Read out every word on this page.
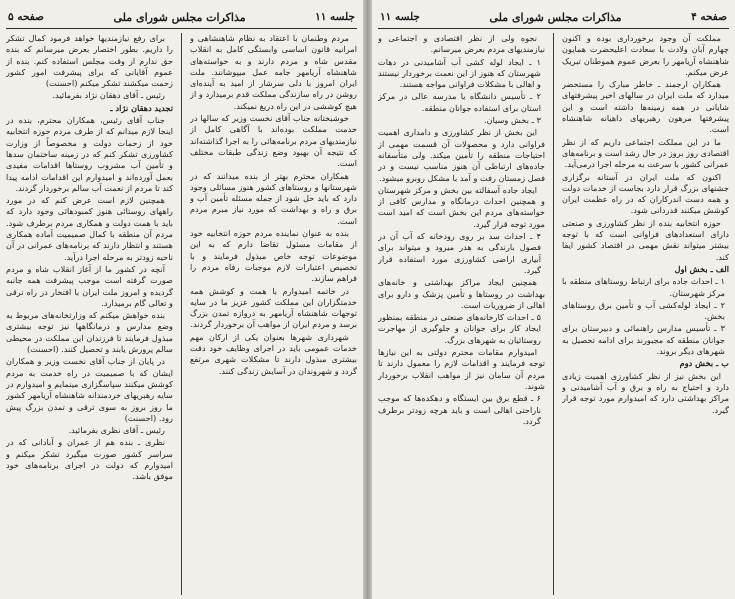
جلسه ۱۱
مذاکرات مجلس شورای ملی
صفحه ۵

مردم وطنمان با اعتقاد به نظام شاهنشاهی و امرانیه قانون اساسی وابستگی کامل به انقلاب مقدس شاه و مردم دارند و به خواسته‌های شاهنشاه آریامهر جامه عمل میپوشانند. ملت ایران امروز با دلی سرشار از امید به آینده‌ای روشن در راه سازندگی مملکت قدم برمیدارد و از هیچ کوششی در این راه دریغ نمیکند.

خوشبختانه جناب آقای نخست وزیر که سالها در خدمت مملکت بوده‌اند با آگاهی کامل از نیازمندیهای مردم برنامه‌هائی را به اجرا گذاشته‌اند که نتیجه آن بهبود وضع زندگی طبقات مختلف است.

همکاران محترم بهتر از بنده میدانند که در شهرستانها و روستاهای کشور هنوز مسائلی وجود دارد که باید حل شود از جمله مسئله تأمین آب و برق و راه و بهداشت که مورد نیاز مبرم مردم است.

بنده به عنوان نماینده مردم حوزه انتخابیه خود از مقامات مسئول تقاضا دارم که به این موضوعات توجه خاص مبذول فرمایند و با تخصیص اعتبارات لازم موجبات رفاه مردم را فراهم سازند.

در خاتمه امیدوارم با همت و کوشش همه خدمتگزاران این مملکت کشور عزیز ما در سایه توجهات شاهنشاه آریامهر به دروازه تمدن بزرگ برسد و مردم ایران از مواهب آن برخوردار گردند.

شهرداری شهرها بعنوان یکی از ارکان مهم خدمات عمومی باید در اجرای وظایف خود دقت بیشتری مبذول دارند تا مشکلات شهری مرتفع گردد و شهروندان در آسایش زندگی کنند.

برای رفع نیازمندیها خواهد فرمود کمال تشکر را داریم. بطور اختصار بعرض میرسانم که بنده حق ندارم از وقت مجلس استفاده کنم. بنده از عموم آقایانی که برای پیشرفت امور کشور زحمت میکشند تشکر میکنم (احسنت)

رئیس ـ آقای دهقان نژاد بفرمائید.

تجدید دهقان نژاد ـ

جناب آقای رئیس، همکاران محترم، بنده در اینجا لازم میدانم که از طرف مردم حوزه انتخابیه خود از زحمات دولت و مخصوصاً از وزارت کشاورزی تشکر کنم که در زمینه ساختمان سدها و تأمین آب مشروب روستاها اقدامات مفیدی بعمل آورده‌اند و امیدوارم این اقدامات ادامه پیدا کند تا مردم از نعمت آب سالم برخوردار گردند.

همچنین لازم است عرض کنم که در مورد راههای روستائی هنوز کمبودهائی وجود دارد که باید با همت دولت و همکاری مردم برطرف شود. مردم آن منطقه با کمال صمیمیت آماده همکاری هستند و انتظار دارند که برنامه‌های عمرانی در آن ناحیه زودتر به مرحله اجرا درآید.

آنچه در کشور ما از آغاز انقلاب شاه و مردم صورت گرفته است موجب پیشرفت همه جانبه گردیده و امروز ملت ایران با افتخار در راه ترقی و تعالی گام برمیدارد.

بنده خواهش میکنم که وزارتخانه‌های مربوط به وضع مدارس و درمانگاهها نیز توجه بیشتری مبذول فرمایند تا فرزندان این مملکت در محیطی سالم پرورش یابند و تحصیل کنند. (احسنت)

در پایان از جناب آقای نخست وزیر و همکاران ایشان که با صمیمیت در راه خدمت به مردم کوشش میکنند سپاسگزاری مینمایم و امیدوارم در سایه رهبریهای خردمندانه شاهنشاه آریامهر کشور ما روز بروز به سوی ترقی و تمدن بزرگ پیش رود. (احسنت)

رئیس ـ آقای نظری بفرمائید.

نظری ـ بنده هم از عمران و آبادانی که در سراسر کشور صورت میگیرد تشکر میکنم و امیدوارم که دولت در اجرای برنامه‌های خود موفق باشد.

صفحه ۴
مذاکرات مجلس شورای ملی
جلسه ۱۱

مملکت آن وجود برخورداری بوده و اکنون چهارم آبان ولادت با سعادت اعلیحضرت همایون شاهنشاه آریامهر را بعرض عموم هموطنان تبریک عرض میکنم.

همکاران ارجمند ـ خاطر مبارک را مستحضر میدارد که ملت ایران در سالهای اخیر پیشرفتهای شایانی در همه زمینه‌ها داشته است و این پیشرفتها مرهون رهبریهای داهیانه شاهنشاه است.

ما در این مملکت اجتماعی داریم که از نظر اقتصادی روز بروز در حال رشد است و برنامه‌های عمرانی کشور با سرعت به مرحله اجرا درمی‌آید.

اکنون که ملت ایران در آستانه برگزاری جشنهای بزرگ قرار دارد بجاست از خدمات دولت و همه دست اندرکاران که در راه عظمت ایران کوشش میکنند قدردانی شود.

حوزه انتخابیه بنده از نظر کشاورزی و صنعتی دارای استعدادهای فراوانی است که با توجه بیشتر میتواند نقش مهمی در اقتصاد کشور ایفا کند.

الف ـ بخش اول

۱ ـ احداث جاده برای ارتباط روستاهای منطقه با مرکز شهرستان.

۲ ـ ایجاد لوله‌کشی آب و تأمین برق روستاهای بخش.

۳ ـ تأسیس مدارس راهنمائی و دبیرستان برای جوانان منطقه که مجبورند برای ادامه تحصیل به شهرهای دیگر بروند.

ب ـ بخش دوم

این بخش نیز از نظر کشاورزی اهمیت زیادی دارد و احتیاج به راه و برق و آب آشامیدنی و مراکز بهداشتی دارد که امیدوارم مورد توجه قرار گیرد.

نحوه ولی از نظر اقتصادی و اجتماعی و نیازمندیهای مردم بعرض میرسانم.

۱ ـ ایجاد لوله کشی آب آشامیدنی در دهات شهرستان که هنوز از این نعمت برخوردار نیستند و اهالی با مشکلات فراوانی مواجه هستند.

۲ ـ تأسیس دانشگاه یا مدرسه عالی در مرکز استان برای استفاده جوانان منطقه.

۳ ـ بخش وسیان.

این بخش از نظر کشاورزی و دامداری اهمیت فراوانی دارد و محصولات آن قسمت مهمی از احتیاجات منطقه را تأمین میکند. ولی متأسفانه جاده‌های ارتباطی آن هنوز مناسب نیست و در فصل زمستان رفت و آمد با مشکل روبرو میشود.

ایجاد جاده آسفالته بین بخش و مرکز شهرستان و همچنین احداث درمانگاه و مدارس کافی از خواسته‌های مردم این بخش است که امید است مورد توجه قرار گیرد.

۴ ـ احداث سد بر روی رودخانه که آب آن در فصول بارندگی به هدر میرود و میتواند برای آبیاری اراضی کشاورزی مورد استفاده قرار گیرد.

همچنین ایجاد مراکز بهداشتی و خانه‌های بهداشت در روستاها و تأمین پزشک و دارو برای اهالی از ضروریات است.

۵ ـ احداث کارخانه‌های صنعتی در منطقه بمنظور ایجاد کار برای جوانان و جلوگیری از مهاجرت روستائیان به شهرهای بزرگ.

امیدوارم مقامات محترم دولتی به این نیازها توجه فرمایند و اقدامات لازم را معمول دارند تا مردم آن سامان نیز از مواهب انقلاب برخوردار شوند.

۶ ـ قطع برق بین ایستگاه و دهکده‌ها که موجب ناراحتی اهالی است و باید هرچه زودتر برطرف گردد.
